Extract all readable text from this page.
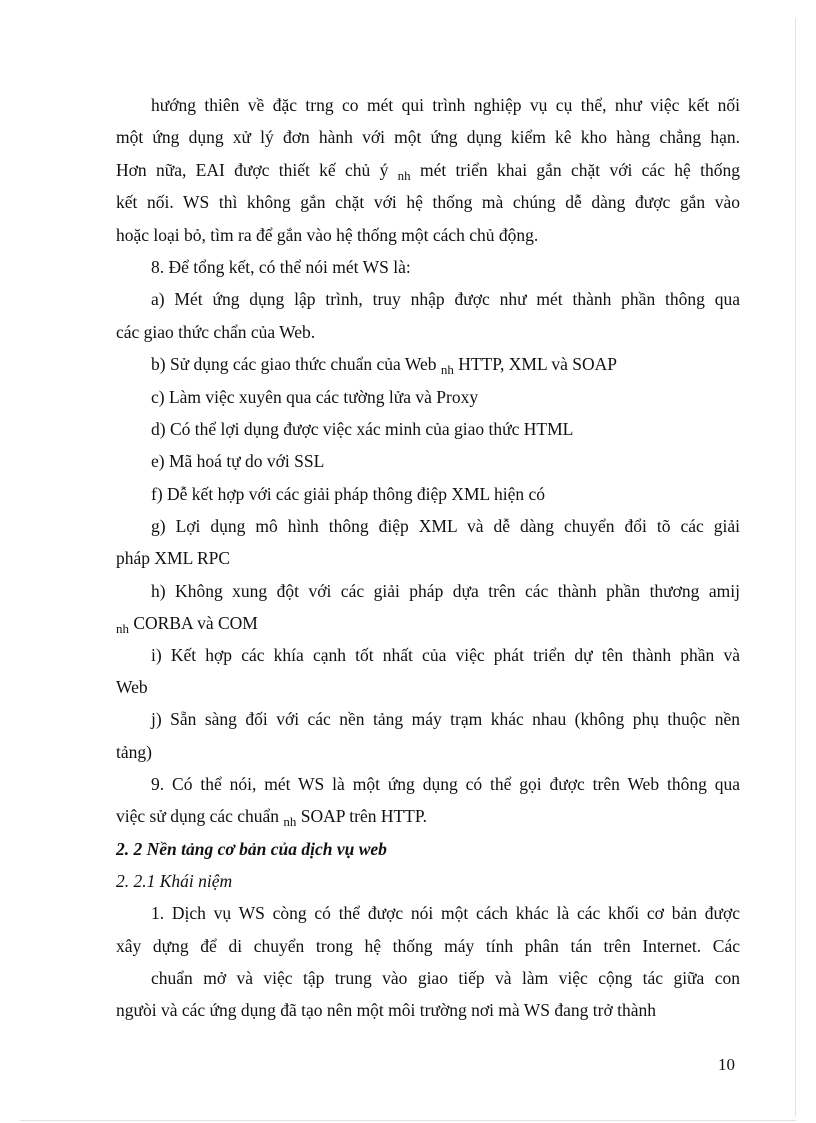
hướng thiên về đặc trng co mét qui trình nghiệp vụ cụ thể, như việc kết nối
một ứng dụng xử lý đơn hành với một ứng dụng kiểm kê kho hàng chẳng hạn.
Hơn nữa, EAI được thiết kế chủ ý $_{nh}$ mét triển khai gắn chặt với các hệ thống
kết nối. WS thì không gắn chặt với hệ thống mà chúng dễ dàng được gắn vào
hoặc loại bỏ, tìm ra để gắn vào hệ thống một cách chủ động.
8. Để tổng kết, có thể nói mét WS là:
a) Mét ứng dụng lập trình, truy nhập được như mét thành phần thông qua
các giao thức chẩn của Web.
b) Sử dụng các giao thức chuẩn của Web $_{nh}$ HTTP, XML và SOAP
c) Làm việc xuyên qua các tường lửa và Proxy
d) Có thể lợi dụng được việc xác minh của giao thức HTML
e) Mã hoá tự do với SSL
f) Dễ kết hợp với các giải pháp thông điệp XML hiện có
g) Lợi dụng mô hình thông điệp XML và dễ dàng chuyển đổi tõ các giải
pháp XML RPC
h) Không xung đột với các giải pháp dựa trên các thành phần thương amij
$_{nh}$ CORBA và COM
i) Kết hợp các khía cạnh tốt nhất của việc phát triển dự tên thành phần và
Web
j) Sẵn sàng đối với các nền tảng máy trạm khác nhau (không phụ thuộc nền
tảng)
9. Có thể nói, mét WS là một ứng dụng có thể gọi được trên Web thông qua
việc sử dụng các chuẩn $_{nh}$ SOAP trên HTTP.
2. 2 Nền tảng cơ bản của dịch vụ web
2. 2.1 Khái niệm
1. Dịch vụ WS còng có thể được nói một cách khác là các khối cơ bản được
xây dựng để di chuyển trong hệ thống máy tính phân tán trên Internet. Các
chuẩn mở và việc tập trung vào giao tiếp và làm việc cộng tác giữa con
ngưòi và các ứng dụng đã tạo nên một môi trường nơi mà WS đang trở thành
10
